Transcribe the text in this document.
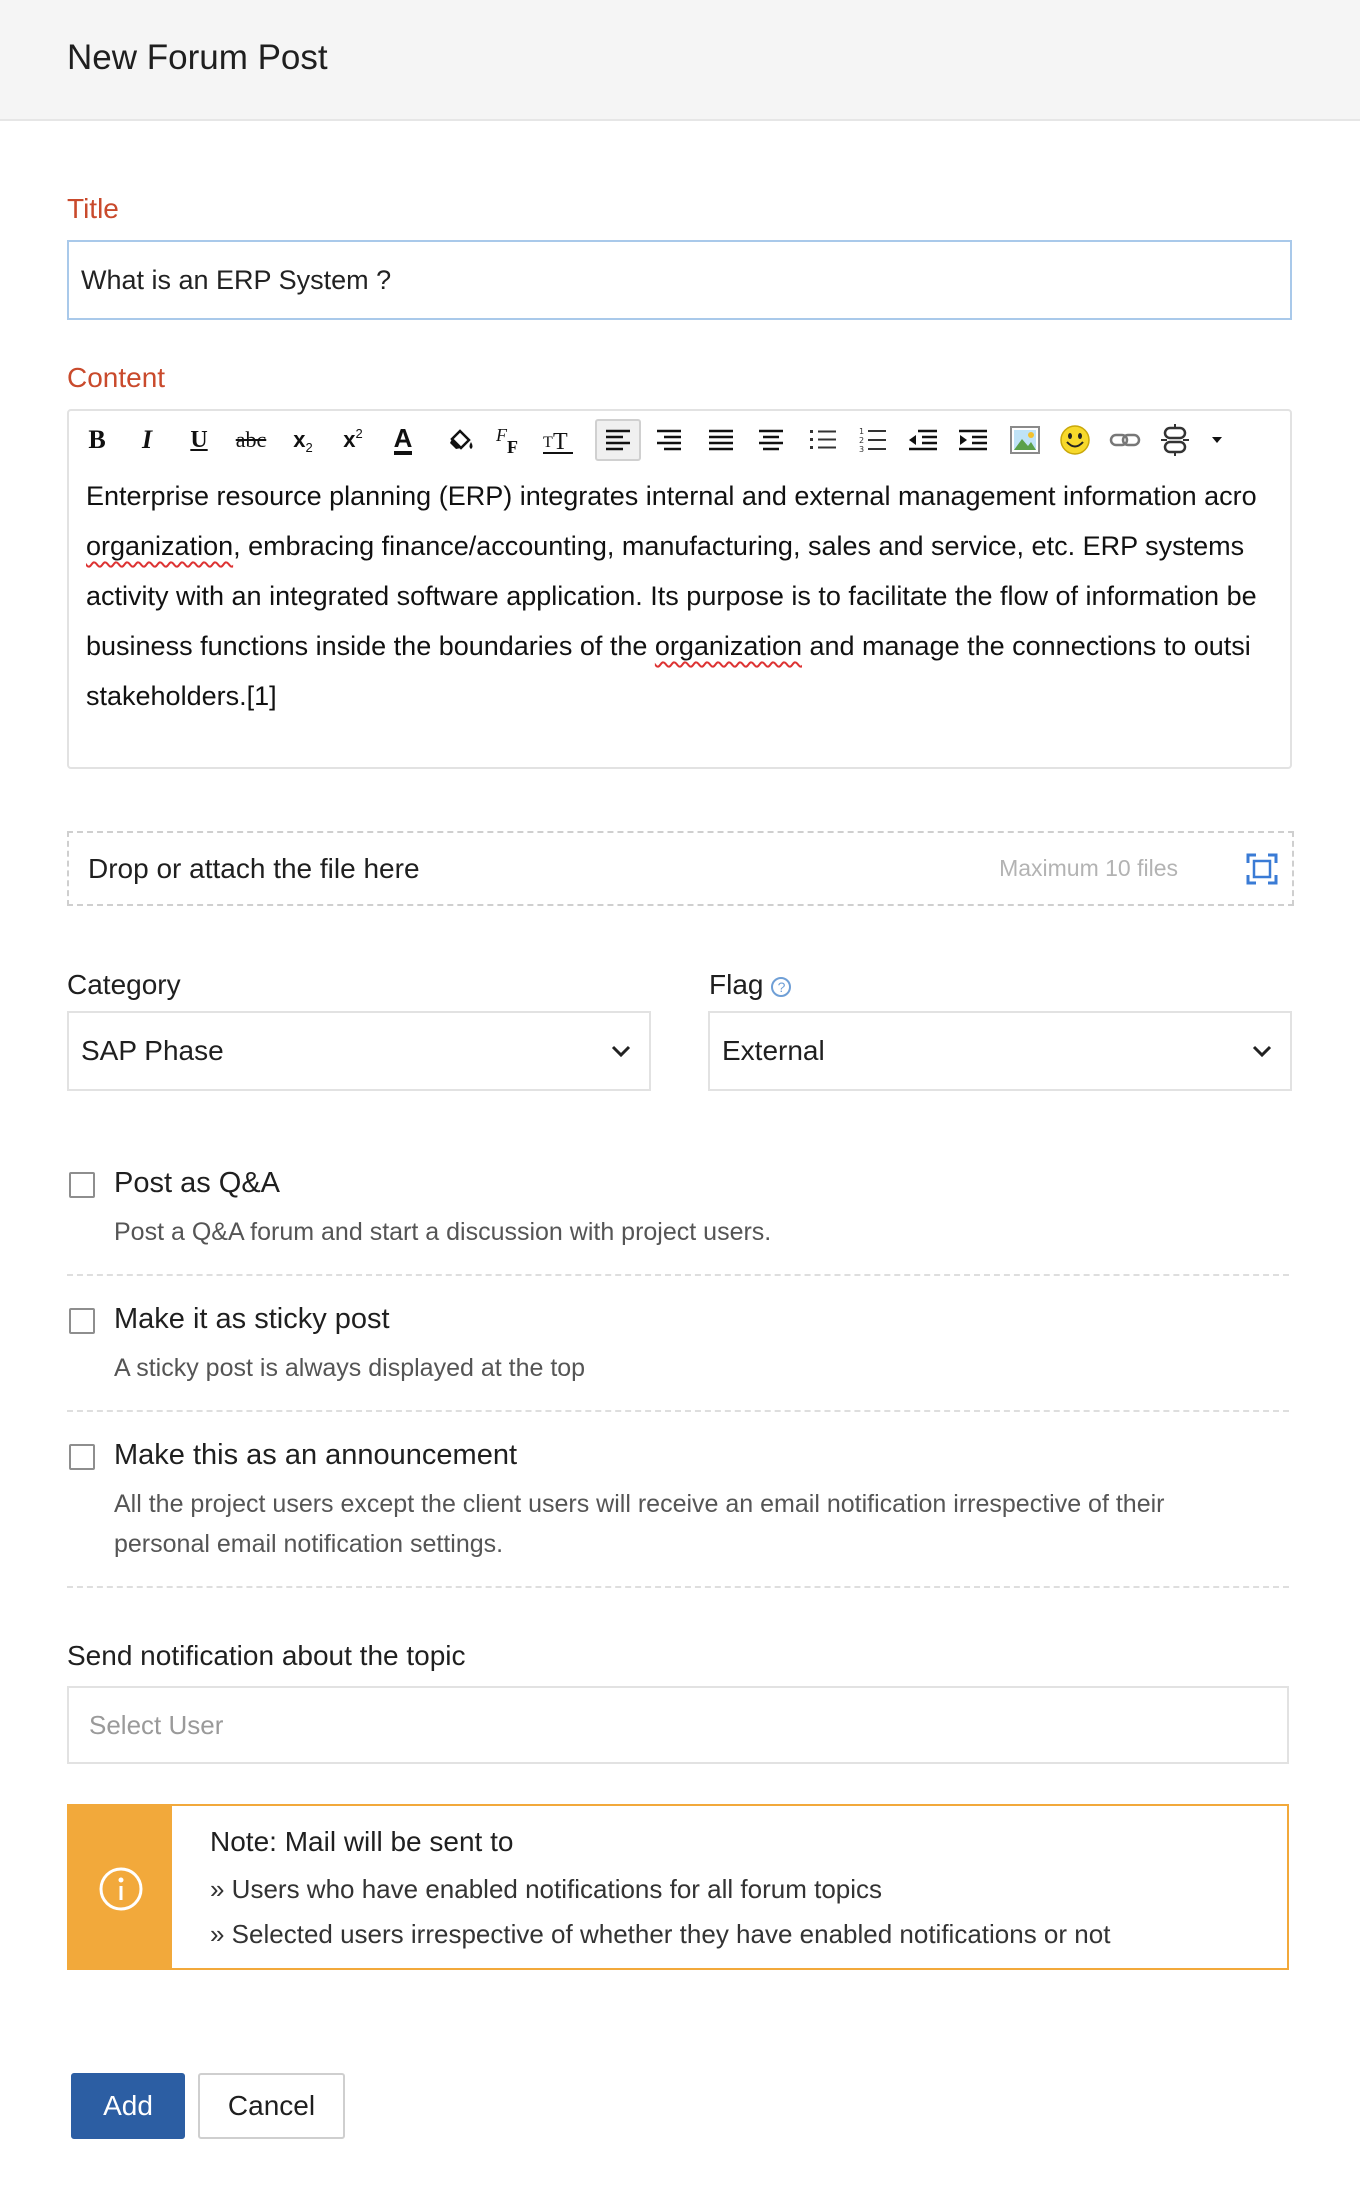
New Forum Post
Title
What is an ERP System ?
Content
B I U abc x 2 x 2 A	F
F T T	1
2
3
Enterprise resource planning (ERP) integrates internal and external management information acro
organization, embracing finance/accounting, manufacturing, sales and service, etc. ERP systems
activity with an integrated software application. Its purpose is to facilitate the flow of information be
business functions inside the boundaries of the organization and manage the connections to outsi
stakeholders.[1]
Drop or attach the file here	Maximum 10 files
Category
SAP Phase
Flag ?
External
Post as Q&A
Post a Q&A forum and start a discussion with project users.
Make it as sticky post
A sticky post is always displayed at the top
Make this as an announcement
All the project users except the client users will receive an email notification irrespective of their personal email notification settings.
Send notification about the topic
Select User
Note: Mail will be sent to
» Users who have enabled notifications for all forum topics
» Selected users irrespective of whether they have enabled notifications or not
Add	Cancel
